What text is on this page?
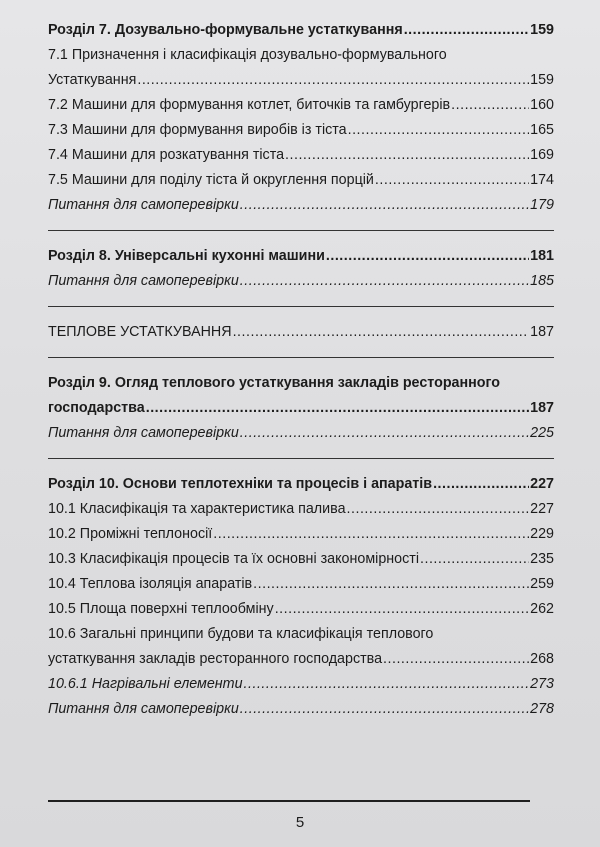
Розділ 7. Дозувально-формувальне устаткування .....	159
7.1 Призначення і класифікація дозувально-формувального
Устаткування .....	159
7.2 Машини для формування котлет, биточків та гамбургерів .....	160
7.3 Машини для формування виробів із тіста .....	165
7.4 Машини для розкатування тіста .....	169
7.5 Машини для поділу тіста й округлення порцій .....	174
Питання для самоперевірки .....	179
Розділ 8. Універсальні кухонні машини .....	181
Питання для самоперевірки .....	185
ТЕПЛОВЕ УСТАТКУВАННЯ .....	187
Розділ 9. Огляд теплового устаткування закладів ресторанного
господарства .....	187
Питання для самоперевірки .....	225
Розділ 10. Основи теплотехніки та процесів і апаратів .....	227
10.1 Класифікація та характеристика палива .....	227
10.2 Проміжні теплоносії .....	229
10.3 Класифікація процесів та їх основні закономірності .....	235
10.4 Теплова ізоляція апаратів .....	259
10.5 Площа поверхні теплообміну .....	262
10.6 Загальні принципи будови та класифікація теплового
устаткування закладів ресторанного господарства .....	268
10.6.1 Нагрівальні елементи .....	273
Питання для самоперевірки .....	278
5
